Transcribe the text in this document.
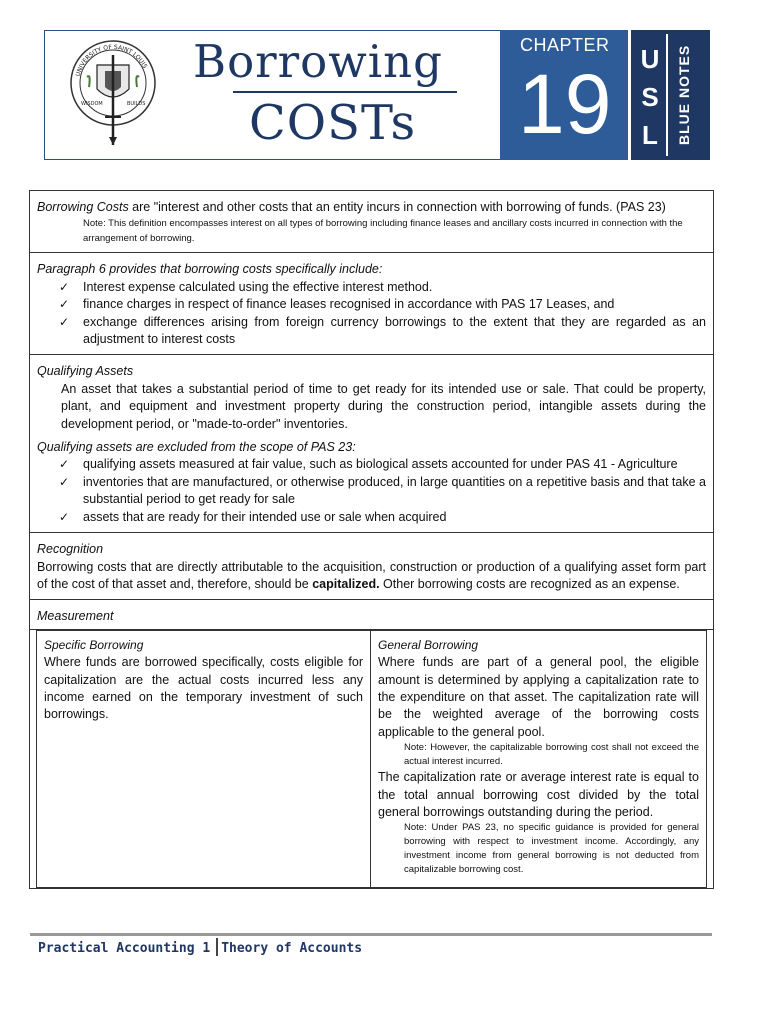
UNIVERSITY OF SAINT LOUIS
WISDOM	BUILDS
Borrowing
COSTs
CHAPTER
19 U
S
L	BLUE NOTES
Borrowing Costs are "interest and other costs that an entity incurs in connection with borrowing of funds. (PAS 23)
Note: This definition encompasses interest on all types of borrowing including finance leases and ancillary costs incurred in connection with the arrangement of borrowing.
Paragraph 6 provides that borrowing costs specifically include:
✓ Interest expense calculated using the effective interest method.
✓ finance charges in respect of finance leases recognised in accordance with PAS 17 Leases, and
✓ exchange differences arising from foreign currency borrowings to the extent that they are regarded as an adjustment to interest costs
Qualifying Assets
An asset that takes a substantial period of time to get ready for its intended use or sale. That could be property, plant, and equipment and investment property during the construction period, intangible assets during the development period, or "made-to-order" inventories.
Qualifying assets are excluded from the scope of PAS 23:
✓ qualifying assets measured at fair value, such as biological assets accounted for under PAS 41 - Agriculture
✓ inventories that are manufactured, or otherwise produced, in large quantities on a repetitive basis and that take a substantial period to get ready for sale
✓ assets that are ready for their intended use or sale when acquired
Recognition
Borrowing costs that are directly attributable to the acquisition, construction or production of a qualifying asset form part of the cost of that asset and, therefore, should be capitalized. Other borrowing costs are recognized as an expense.
Measurement
Specific Borrowing
Where funds are borrowed specifically, costs eligible for capitalization are the actual costs incurred less any income earned on the temporary investment of such borrowings.
General Borrowing
Where funds are part of a general pool, the eligible amount is determined by applying a capitalization rate to the expenditure on that asset. The capitalization rate will be the weighted average of the borrowing costs applicable to the general pool.
Note: However, the capitalizable borrowing cost shall not exceed the actual interest incurred.
The capitalization rate or average interest rate is equal to the total annual borrowing cost divided by the total general borrowings outstanding during the period.
Note: Under PAS 23, no specific guidance is provided for general borrowing with respect to investment income. Accordingly, any investment income from general borrowing is not deducted from capitalizable borrowing cost.
Practical Accounting 1 Theory of Accounts
